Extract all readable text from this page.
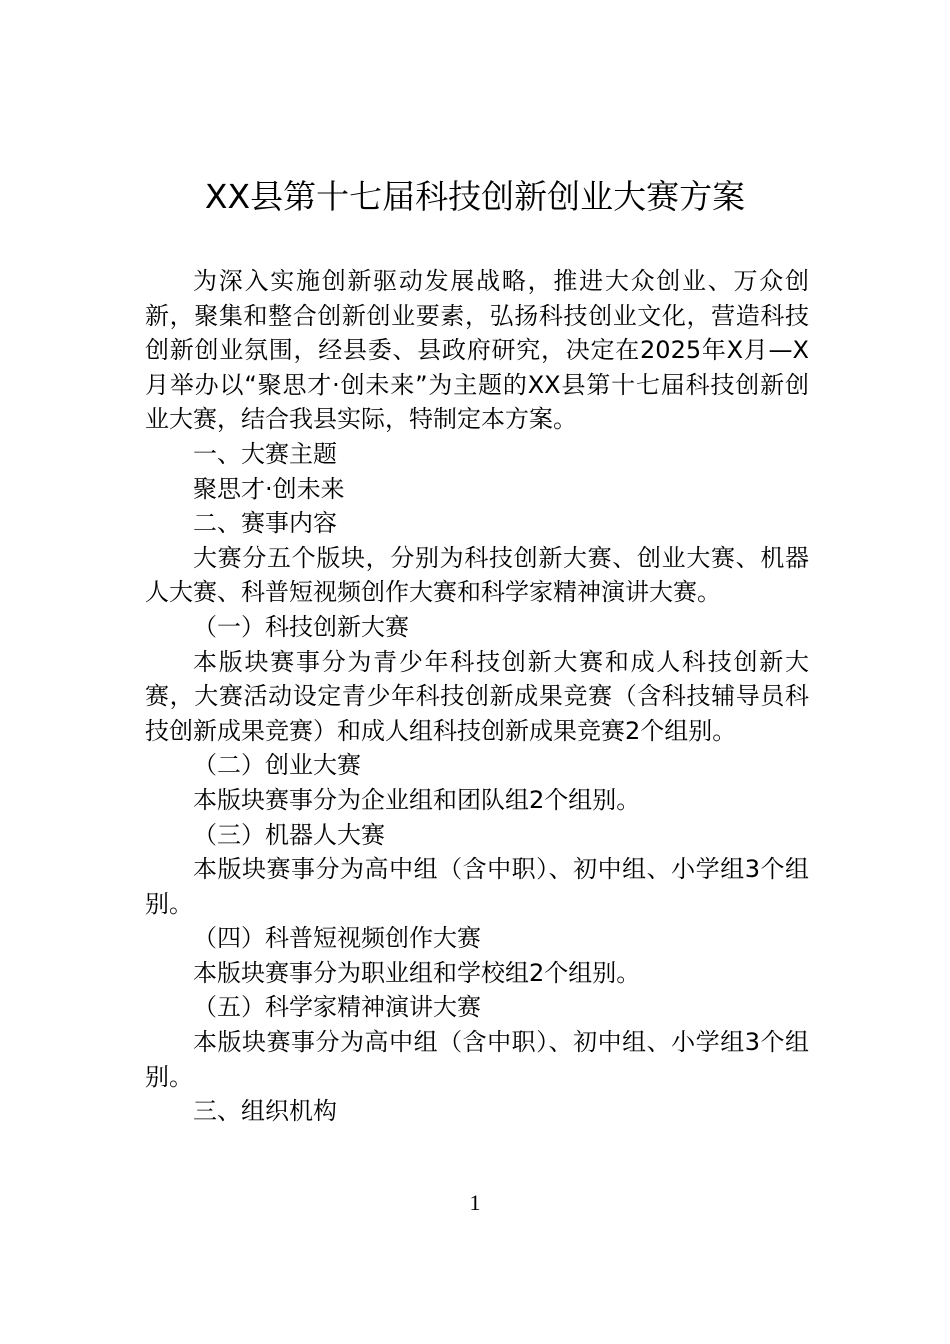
XX县第十七届科技创新创业大赛方案

为深入实施创新驱动发展战略，推进大众创业、万众创新，聚集和整合创新创业要素，弘扬科技创业文化，营造科技创新创业氛围，经县委、县政府研究，决定在2025年X月—X月举办以“聚思才·创未来”为主题的XX县第十七届科技创新创业大赛，结合我县实际，特制定本方案。

一、大赛主题

聚思才·创未来

二、赛事内容

大赛分五个版块，分别为科技创新大赛、创业大赛、机器人大赛、科普短视频创作大赛和科学家精神演讲大赛。

（一）科技创新大赛

本版块赛事分为青少年科技创新大赛和成人科技创新大赛，大赛活动设定青少年科技创新成果竞赛（含科技辅导员科技创新成果竞赛）和成人组科技创新成果竞赛2个组别。

（二）创业大赛

本版块赛事分为企业组和团队组2个组别。

（三）机器人大赛

本版块赛事分为高中组（含中职）、初中组、小学组3个组别。

（四）科普短视频创作大赛

本版块赛事分为职业组和学校组2个组别。

（五）科学家精神演讲大赛

本版块赛事分为高中组（含中职）、初中组、小学组3个组别。

三、组织机构

1
